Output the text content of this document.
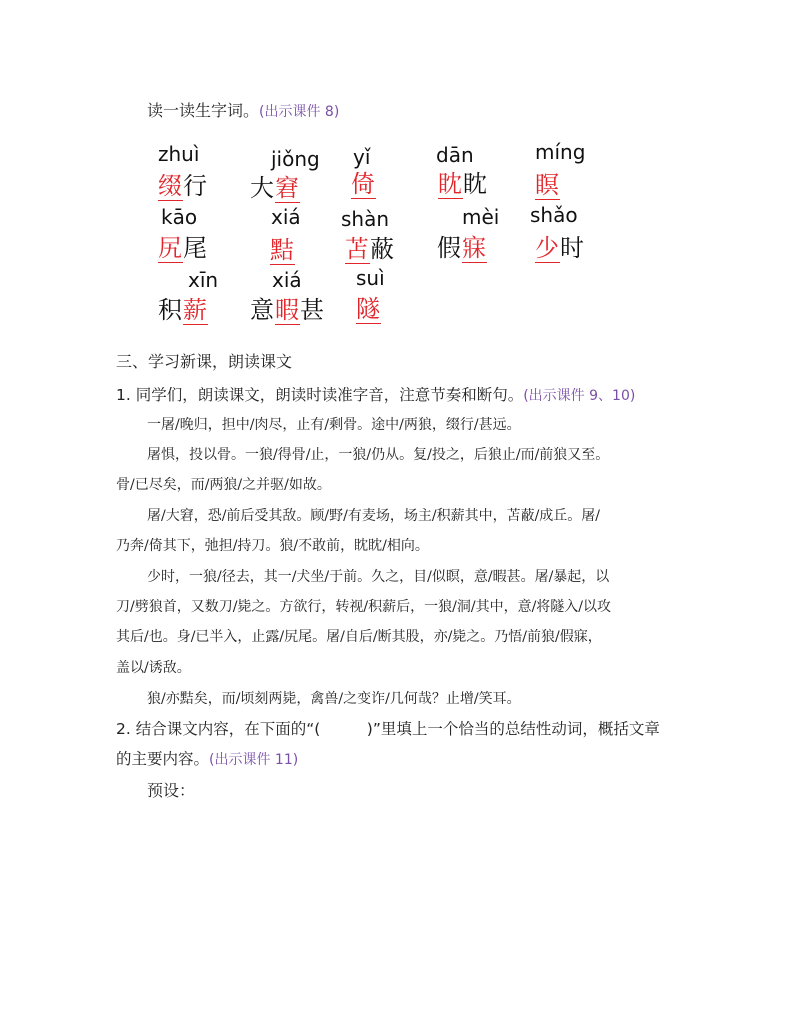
读一读生字词。(出示课件 8)
zhuì
缀行
jiǒng
大窘
yǐ
倚
dān
眈眈
míng
瞑
kāo
尻尾
xiá
黠
shàn
苫蔽
mèi
假寐
shǎo
少时
xīn
积薪
xiá
意暇甚
suì
隧
三、学习新课，朗读课文
1. 同学们，朗读课文，朗读时读准字音，注意节奏和断句。(出示课件 9、10)
一屠/晚归，担中/肉尽，止有/剩骨。途中/两狼，缀行/甚远。
屠惧，投以骨。一狼/得骨/止，一狼/仍从。复/投之，后狼止/而/前狼又至。
骨/已尽矣，而/两狼/之并驱/如故。
屠/大窘，恐/前后受其敌。顾/野/有麦场，场主/积薪其中，苫蔽/成丘。屠/
乃奔/倚其下，弛担/持刀。狼/不敢前，眈眈/相向。
少时，一狼/径去，其一/犬坐/于前。久之，目/似瞑，意/暇甚。屠/暴起，以
刀/劈狼首，又数刀/毙之。方欲行，转视/积薪后，一狼/洞/其中，意/将隧入/以攻
其后/也。身/已半入，止露/尻尾。屠/自后/断其股，亦/毙之。乃悟/前狼/假寐，
盖以/诱敌。
狼/亦黠矣，而/顷刻两毙，禽兽/之变诈/几何哉？止增/笑耳。
2. 结合课文内容，在下面的“(　　　)”里填上一个恰当的总结性动词，概括文章
的主要内容。(出示课件 11)
预设：
